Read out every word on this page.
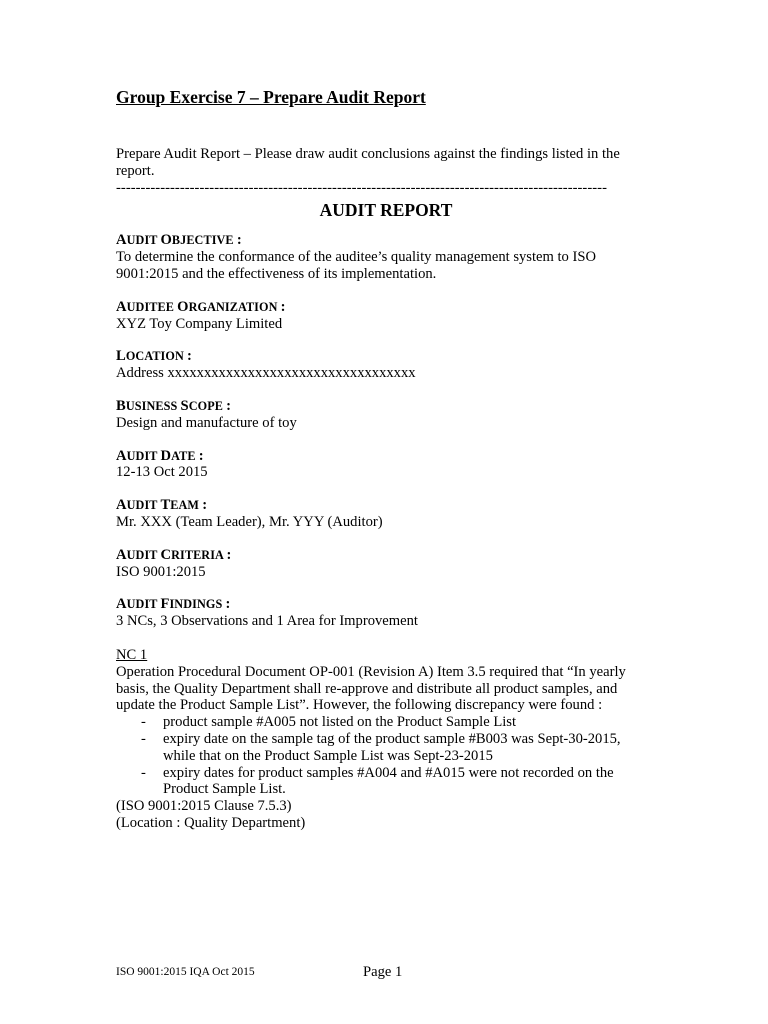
Group Exercise 7 – Prepare Audit Report
Prepare Audit Report – Please draw audit conclusions against the findings listed in the report.
----------------------------------------------------------------------------------------------------
AUDIT REPORT
AUDIT OBJECTIVE :
To determine the conformance of the auditee’s quality management system to ISO 9001:2015 and the effectiveness of its implementation.
AUDITEE ORGANIZATION :
XYZ Toy Company Limited
LOCATION :
Address xxxxxxxxxxxxxxxxxxxxxxxxxxxxxxxxxx
BUSINESS SCOPE :
Design and manufacture of toy
AUDIT DATE :
12-13 Oct 2015
AUDIT TEAM :
Mr. XXX (Team Leader), Mr. YYY (Auditor)
AUDIT CRITERIA :
ISO 9001:2015
AUDIT FINDINGS :
3 NCs, 3 Observations and 1 Area for Improvement
NC 1
Operation Procedural Document OP-001 (Revision A) Item 3.5 required that “In yearly basis, the Quality Department shall re-approve and distribute all product samples, and update the Product Sample List”. However, the following discrepancy were found :
- product sample #A005 not listed on the Product Sample List
- expiry date on the sample tag of the product sample #B003 was Sept-30-2015, while that on the Product Sample List was Sept-23-2015
- expiry dates for product samples #A004 and #A015 were not recorded on the Product Sample List.
(ISO 9001:2015 Clause 7.5.3)
(Location : Quality Department)
ISO 9001:2015 IQA Oct 2015	Page 1
